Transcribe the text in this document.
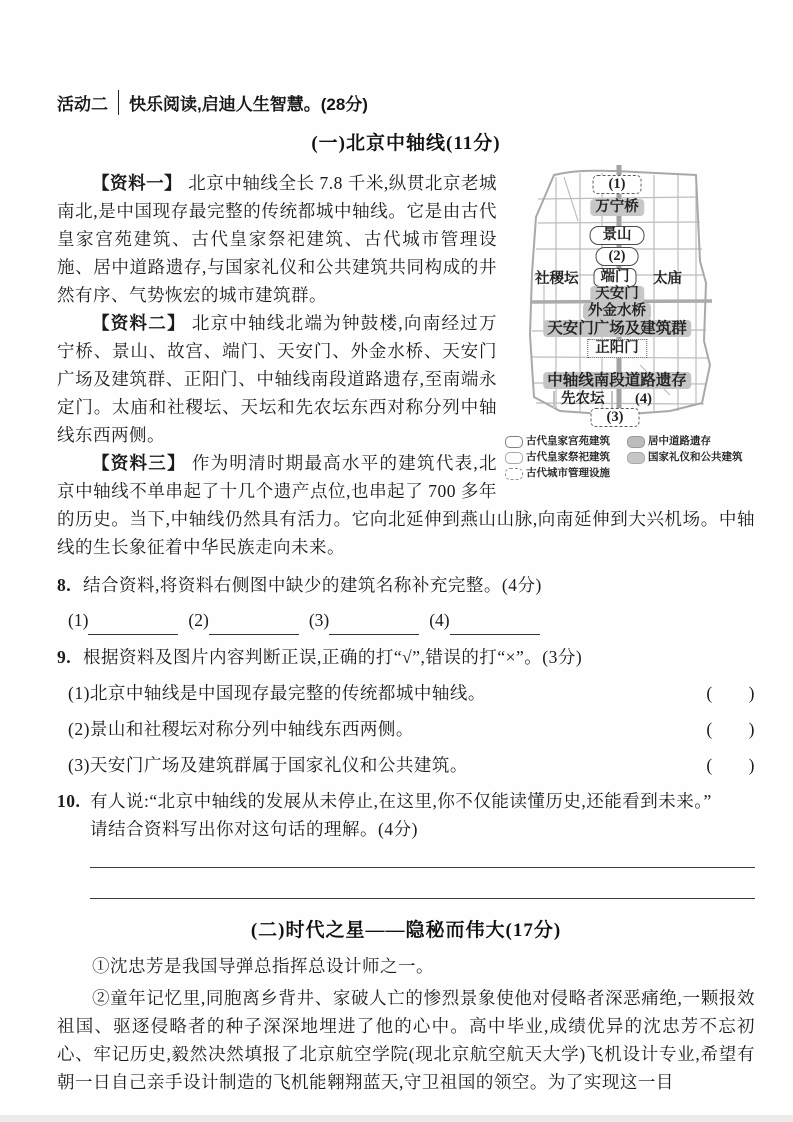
活动二	快乐阅读,启迪人生智慧。(28分)
(一)北京中轴线(11分)
(1)
万宁桥
景山
(2)
端门
社稷坛	太庙
天安门
外金水桥
天安门广场及建筑群
正阳门
中轴线南段道路遗存
先农坛	(4)
(3)
古代皇家宫苑建筑	居中道路遗存
古代皇家祭祀建筑	国家礼仪和公共建筑
古代城市管理设施

【资料一】 北京中轴线全长 7.8 千米,纵贯北京老城南北,是中国现存最完整的传统都城中轴线。它是由古代皇家宫苑建筑、古代皇家祭祀建筑、古代城市管理设施、居中道路遗存,与国家礼仪和公共建筑共同构成的井然有序、气势恢宏的城市建筑群。

【资料二】 北京中轴线北端为钟鼓楼,向南经过万宁桥、景山、故宫、端门、天安门、外金水桥、天安门广场及建筑群、正阳门、中轴线南段道路遗存,至南端永定门。太庙和社稷坛、天坛和先农坛东西对称分列中轴线东西两侧。

【资料三】 作为明清时期最高水平的建筑代表,北京中轴线不单串起了十几个遗产点位,也串起了 700 多年的历史。当下,中轴线仍然具有活力。它向北延伸到燕山山脉,向南延伸到大兴机场。中轴线的生长象征着中华民族走向未来。

8. 结合资料,将资料右侧图中缺少的建筑名称补充完整。(4分)
(1)	(2)	(3)	(4)
9. 根据资料及图片内容判断正误,正确的打“√”,错误的打“×”。(3分)
(1)北京中轴线是中国现存最完整的传统都城中轴线。	(　　)
(2)景山和社稷坛对称分列中轴线东西两侧。	(　　)
(3)天安门广场及建筑群属于国家礼仪和公共建筑。	(　　)
10. 有人说:“北京中轴线的发展从未停止,在这里,你不仅能读懂历史,还能看到未来。”
请结合资料写出你对这句话的理解。(4分)
(二)时代之星——隐秘而伟大(17分)

①沈忠芳是我国导弹总指挥总设计师之一。

②童年记忆里,同胞离乡背井、家破人亡的惨烈景象使他对侵略者深恶痛绝,一颗报效祖国、驱逐侵略者的种子深深地埋进了他的心中。高中毕业,成绩优异的沈忠芳不忘初心、牢记历史,毅然决然填报了北京航空学院(现北京航空航天大学)飞机设计专业,希望有朝一日自己亲手设计制造的飞机能翱翔蓝天,守卫祖国的领空。为了实现这一目
